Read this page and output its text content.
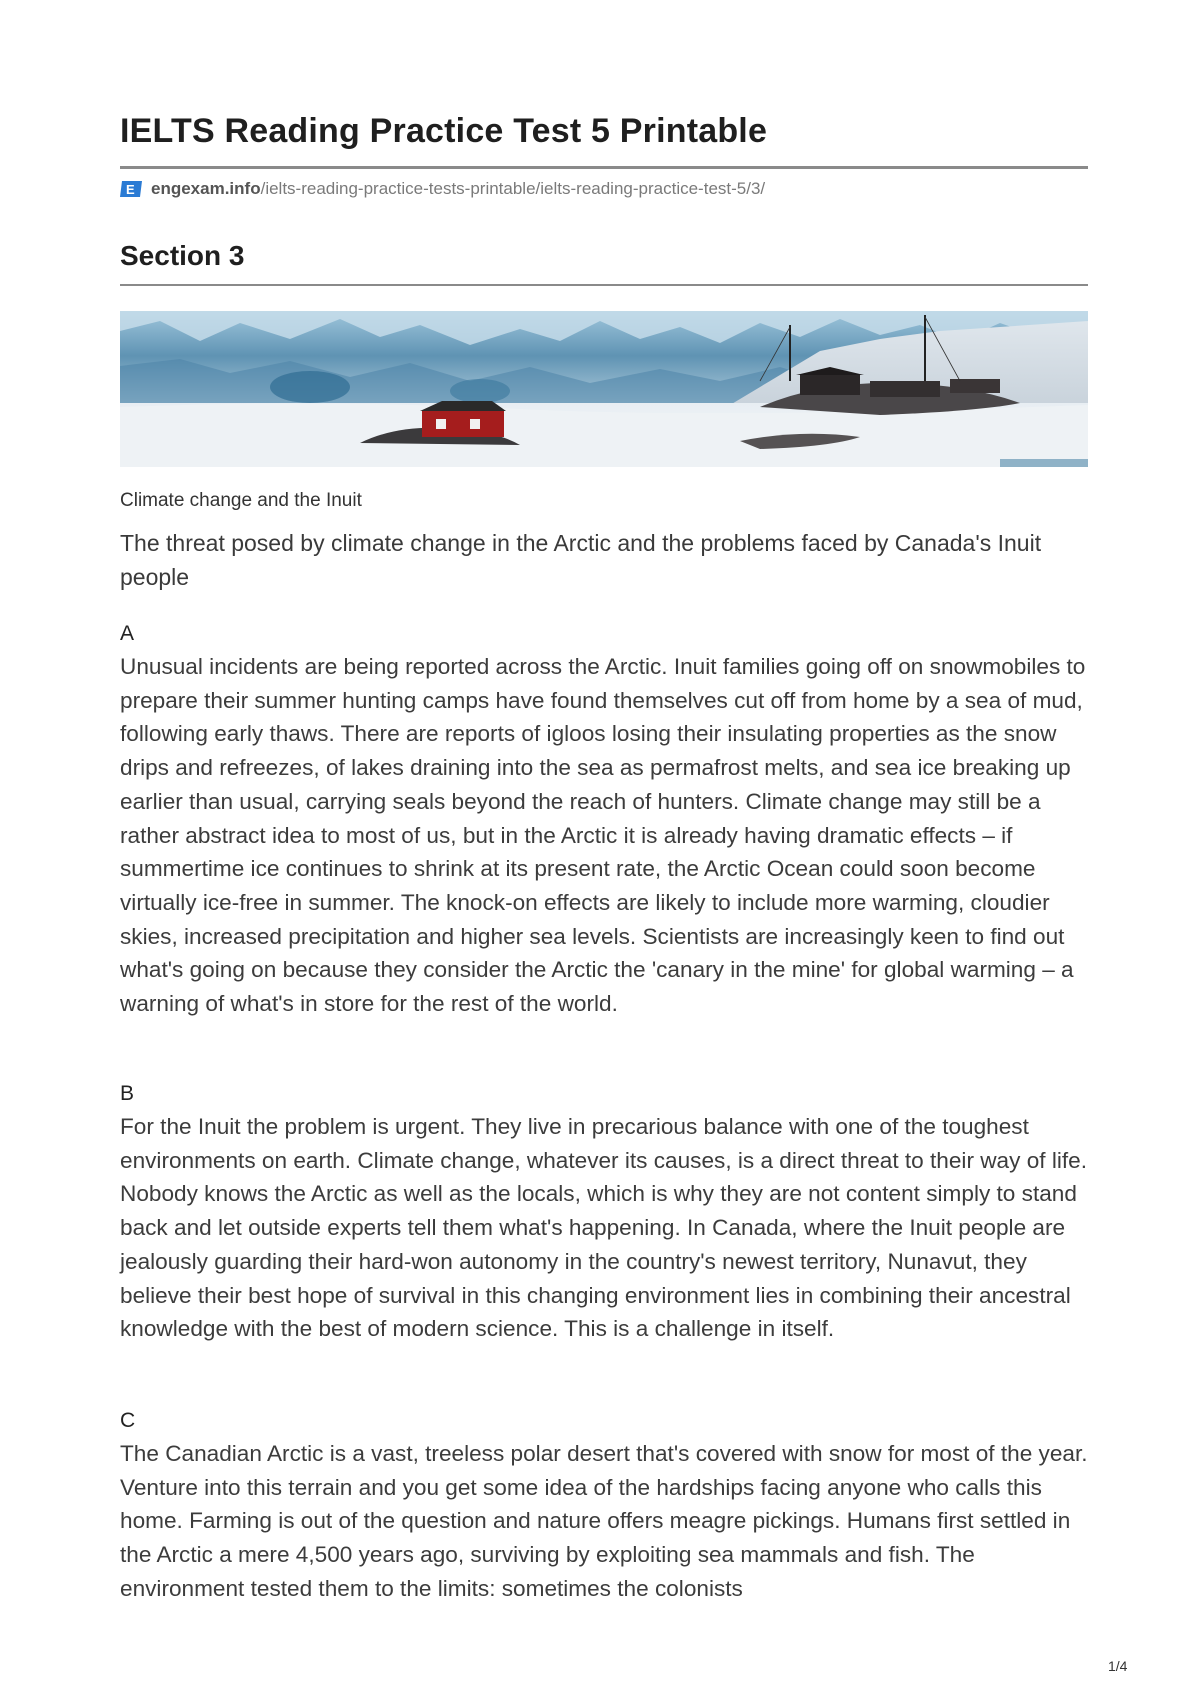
IELTS Reading Practice Test 5 Printable
E engexam.info /ielts-reading-practice-tests-printable/ielts-reading-practice-test-5/3/
Section 3
Climate change and the Inuit

The threat posed by climate change in the Arctic and the problems faced by Canada's Inuit people

A

Unusual incidents are being reported across the Arctic. Inuit families going off on snowmobiles to prepare their summer hunting camps have found themselves cut off from home by a sea of mud, following early thaws. There are reports of igloos losing their insulating properties as the snow drips and refreezes, of lakes draining into the sea as permafrost melts, and sea ice breaking up earlier than usual, carrying seals beyond the reach of hunters. Climate change may still be a rather abstract idea to most of us, but in the Arctic it is already having dramatic effects – if summertime ice continues to shrink at its present rate, the Arctic Ocean could soon become virtually ice-free in summer. The knock-on effects are likely to include more warming, cloudier skies, increased precipitation and higher sea levels. Scientists are increasingly keen to find out what's going on because they consider the Arctic the 'canary in the mine' for global warming – a warning of what's in store for the rest of the world.

B

For the Inuit the problem is urgent. They live in precarious balance with one of the toughest environments on earth. Climate change, whatever its causes, is a direct threat to their way of life. Nobody knows the Arctic as well as the locals, which is why they are not content simply to stand back and let outside experts tell them what's happening. In Canada, where the Inuit people are jealously guarding their hard-won autonomy in the country's newest territory, Nunavut, they believe their best hope of survival in this changing environment lies in combining their ancestral knowledge with the best of modern science. This is a challenge in itself.

C

The Canadian Arctic is a vast, treeless polar desert that's covered with snow for most of the year. Venture into this terrain and you get some idea of the hardships facing anyone who calls this home. Farming is out of the question and nature offers meagre pickings. Humans first settled in the Arctic a mere 4,500 years ago, surviving by exploiting sea mammals and fish. The environment tested them to the limits: sometimes the colonists

1/4
